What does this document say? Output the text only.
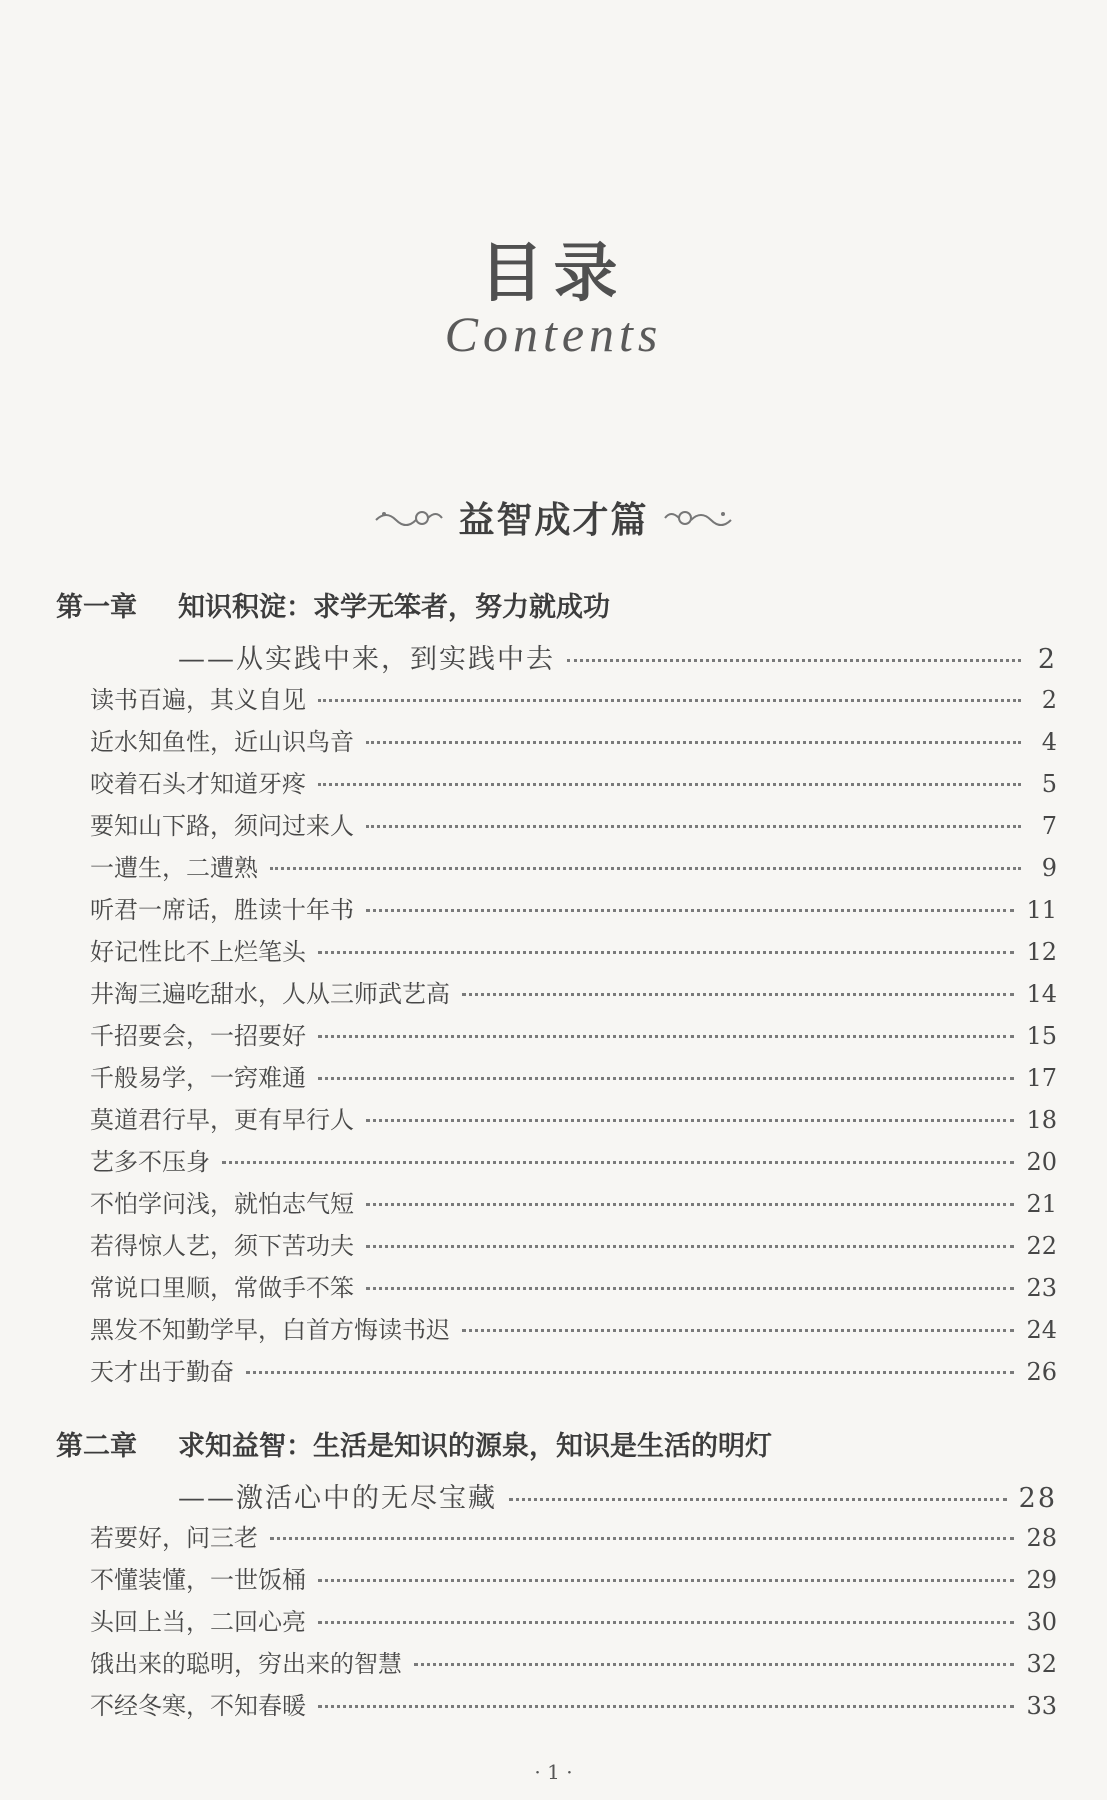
目录
Contents
益智成才篇
第一章 知识积淀：求学无笨者，努力就成功
——从实践中来，到实践中去	2
读书百遍，其义自见	2
近水知鱼性，近山识鸟音	4
咬着石头才知道牙疼	5
要知山下路，须问过来人	7
一遭生，二遭熟	9
听君一席话，胜读十年书	11
好记性比不上烂笔头	12
井淘三遍吃甜水，人从三师武艺高	14
千招要会，一招要好	15
千般易学，一窍难通	17
莫道君行早，更有早行人	18
艺多不压身	20
不怕学问浅，就怕志气短	21
若得惊人艺，须下苦功夫	22
常说口里顺，常做手不笨	23
黑发不知勤学早，白首方悔读书迟	24
天才出于勤奋	26
第二章 求知益智：生活是知识的源泉，知识是生活的明灯
——激活心中的无尽宝藏	28
若要好，问三老	28
不懂装懂，一世饭桶	29
头回上当，二回心亮	30
饿出来的聪明，穷出来的智慧	32
不经冬寒，不知春暖	33
· 1 ·
